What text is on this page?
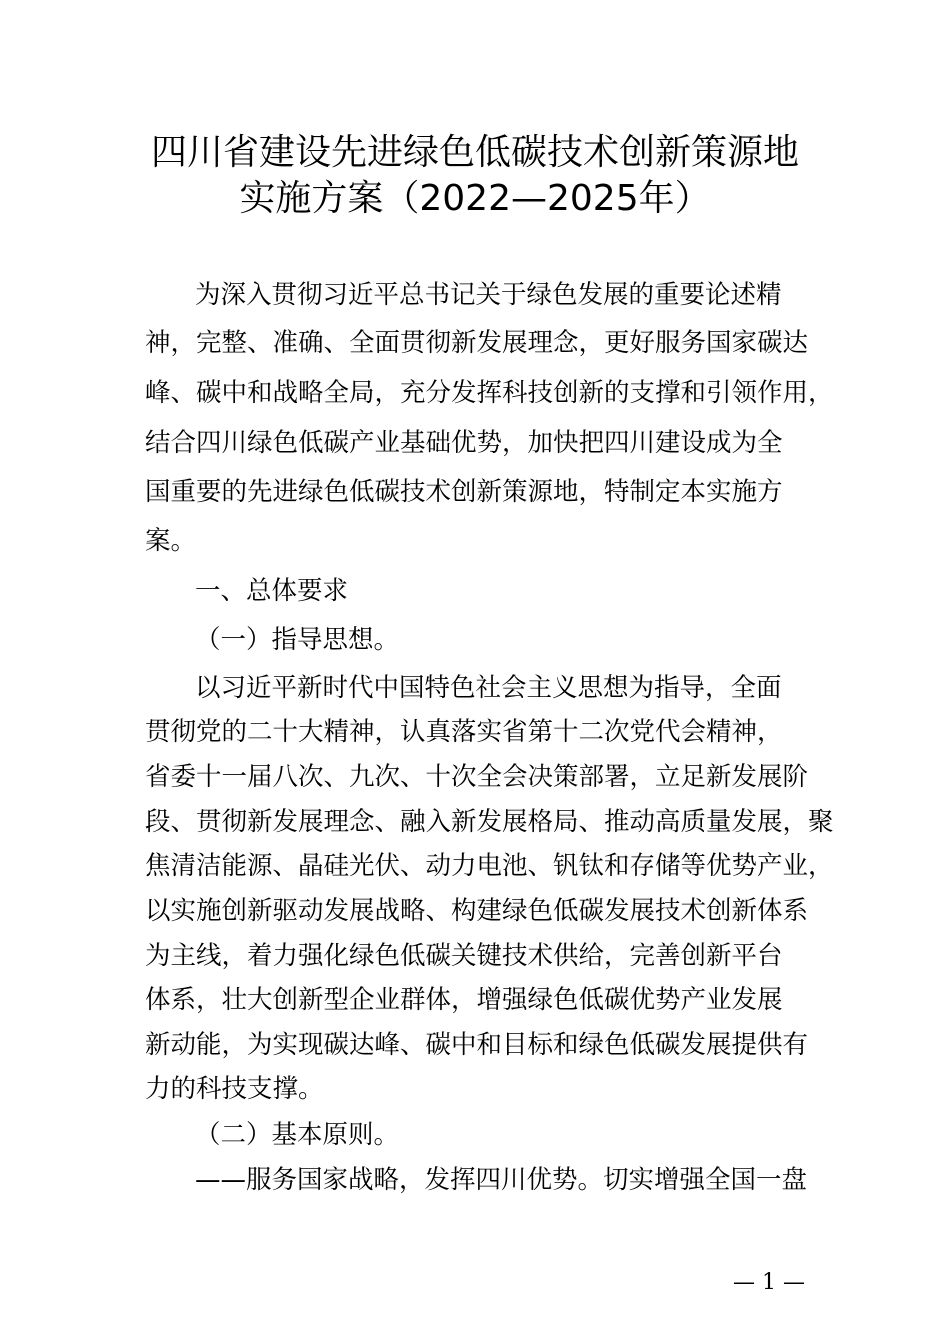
四川省建设先进绿色低碳技术创新策源地
实施方案（2022—2025年）
为深入贯彻习近平总书记关于绿色发展的重要论述精
神，完整、准确、全面贯彻新发展理念，更好服务国家碳达
峰、碳中和战略全局，充分发挥科技创新的支撑和引领作用，
结合四川绿色低碳产业基础优势，加快把四川建设成为全
国重要的先进绿色低碳技术创新策源地，特制定本实施方
案。
一、总体要求
（一）指导思想。
以习近平新时代中国特色社会主义思想为指导，全面
贯彻党的二十大精神，认真落实省第十二次党代会精神，
省委十一届八次、九次、十次全会决策部署，立足新发展阶
段、贯彻新发展理念、融入新发展格局、推动高质量发展，聚
焦清洁能源、晶硅光伏、动力电池、钒钛和存储等优势产业，
以实施创新驱动发展战略、构建绿色低碳发展技术创新体系
为主线，着力强化绿色低碳关键技术供给，完善创新平台
体系，壮大创新型企业群体，增强绿色低碳优势产业发展
新动能，为实现碳达峰、碳中和目标和绿色低碳发展提供有
力的科技支撑。
（二）基本原则。
——服务国家战略，发挥四川优势。切实增强全国一盘
— 1 —
